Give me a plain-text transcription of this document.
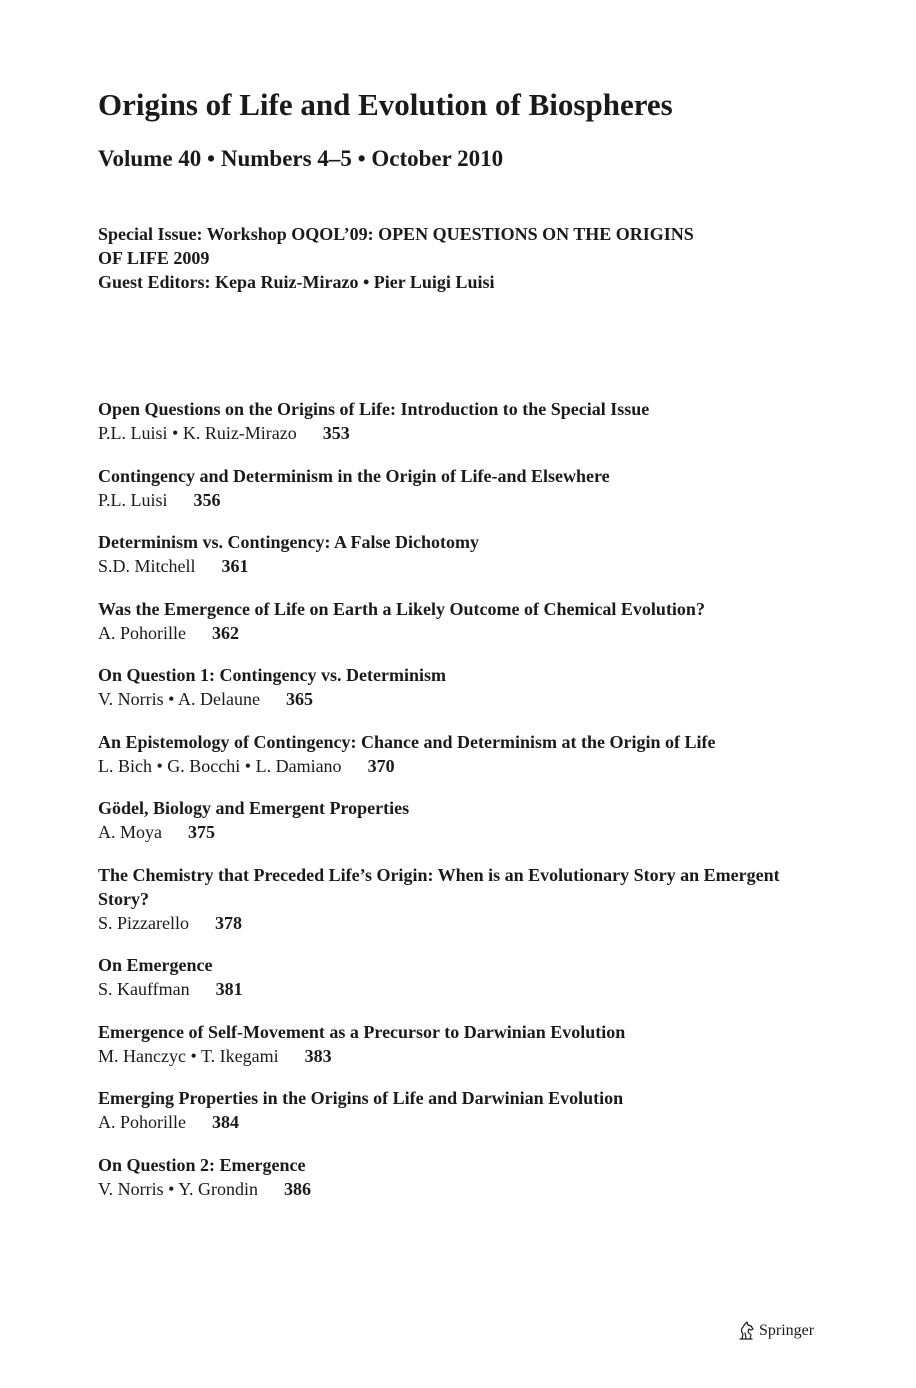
Origins of Life and Evolution of Biospheres
Volume 40 • Numbers 4–5 • October 2010
Special Issue: Workshop OQOL’09: OPEN QUESTIONS ON THE ORIGINS
OF LIFE 2009
Guest Editors: Kepa Ruiz-Mirazo • Pier Luigi Luisi
Open Questions on the Origins of Life: Introduction to the Special Issue
P.L. Luisi • K. Ruiz-Mirazo 353
Contingency and Determinism in the Origin of Life-and Elsewhere
P.L. Luisi 356
Determinism vs. Contingency: A False Dichotomy
S.D. Mitchell 361
Was the Emergence of Life on Earth a Likely Outcome of Chemical Evolution?
A. Pohorille 362
On Question 1: Contingency vs. Determinism
V. Norris • A. Delaune 365
An Epistemology of Contingency: Chance and Determinism at the Origin of Life
L. Bich • G. Bocchi • L. Damiano 370
Gödel, Biology and Emergent Properties
A. Moya 375
The Chemistry that Preceded Life’s Origin: When is an Evolutionary Story an Emergent Story?
S. Pizzarello 378
On Emergence
S. Kauffman 381
Emergence of Self-Movement as a Precursor to Darwinian Evolution
M. Hanczyc • T. Ikegami 383
Emerging Properties in the Origins of Life and Darwinian Evolution
A. Pohorille 384
On Question 2: Emergence
V. Norris • Y. Grondin 386
Springer
